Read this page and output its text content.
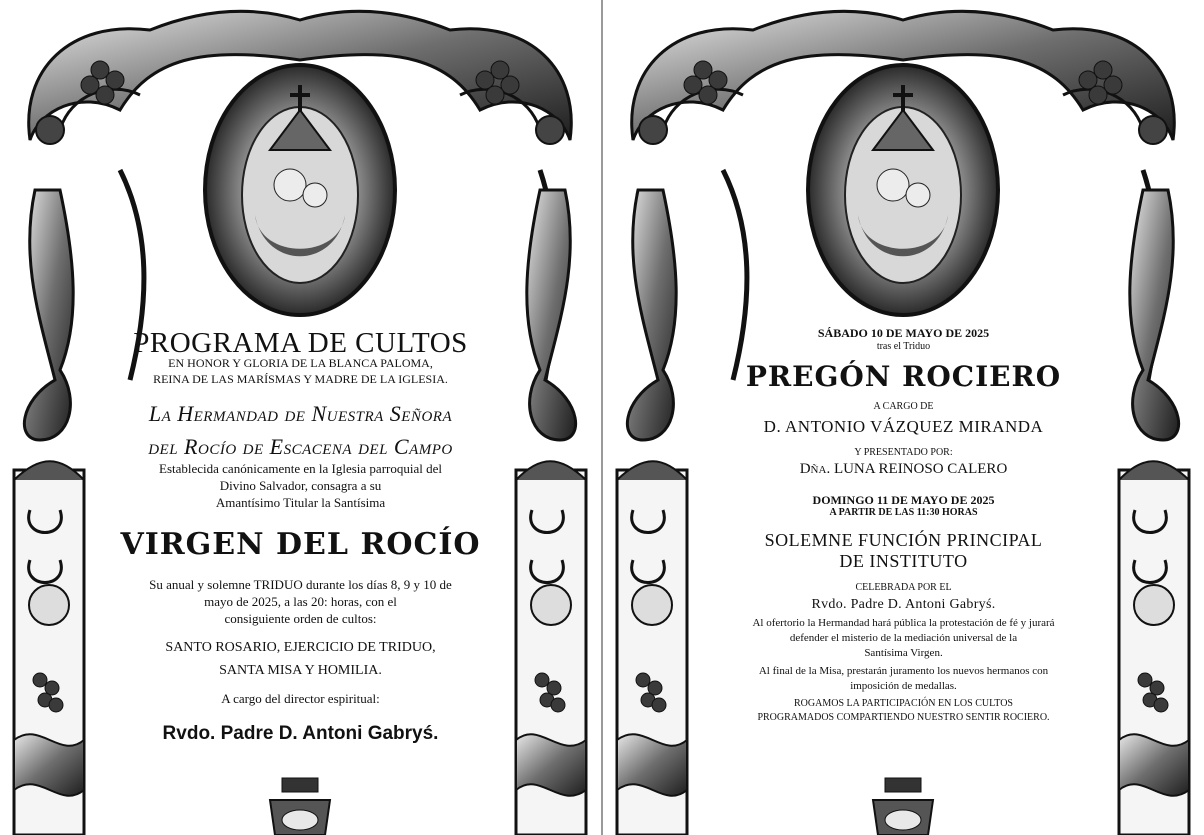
PROGRAMA DE CULTOS
EN HONOR Y GLORIA DE LA BLANCA PALOMA,
REINA DE LAS MARÍSMAS Y MADRE DE LA IGLESIA.
La Hermandad de Nuestra Señora
del Rocío de Escacena del Campo
Establecida canónicamente en la Iglesia parroquial del
Divino Salvador, consagra a su
Amantísimo Titular la Santísima
VIRGEN DEL ROCÍO
Su anual y solemne TRIDUO durante los días 8, 9 y 10 de
mayo de 2025, a las 20: horas, con el
consiguiente orden de cultos:
SANTO ROSARIO, EJERCICIO DE TRIDUO,
SANTA MISA Y HOMILIA.
A cargo del director espiritual:
Rvdo. Padre D. Antoni Gabryś.
SÁBADO 10 DE MAYO DE 2025
tras el Triduo
PREGÓN ROCIERO
A CARGO DE
D. ANTONIO VÁZQUEZ MIRANDA
Y PRESENTADO POR:
Dña. LUNA REINOSO CALERO
DOMINGO 11 DE MAYO DE 2025
A PARTIR DE LAS 11:30 HORAS
SOLEMNE FUNCIÓN PRINCIPAL
DE INSTITUTO
CELEBRADA POR EL
Rvdo. Padre D. Antoni Gabryś.
Al ofertorio la Hermandad hará pública la protestación de fé y jurará
defender el misterio de la mediación universal de la
Santísima Virgen.
Al final de la Misa, prestarán juramento los nuevos hermanos con
imposición de medallas.
ROGAMOS LA PARTICIPACIÓN EN LOS CULTOS
PROGRAMADOS COMPARTIENDO NUESTRO SENTIR ROCIERO.
